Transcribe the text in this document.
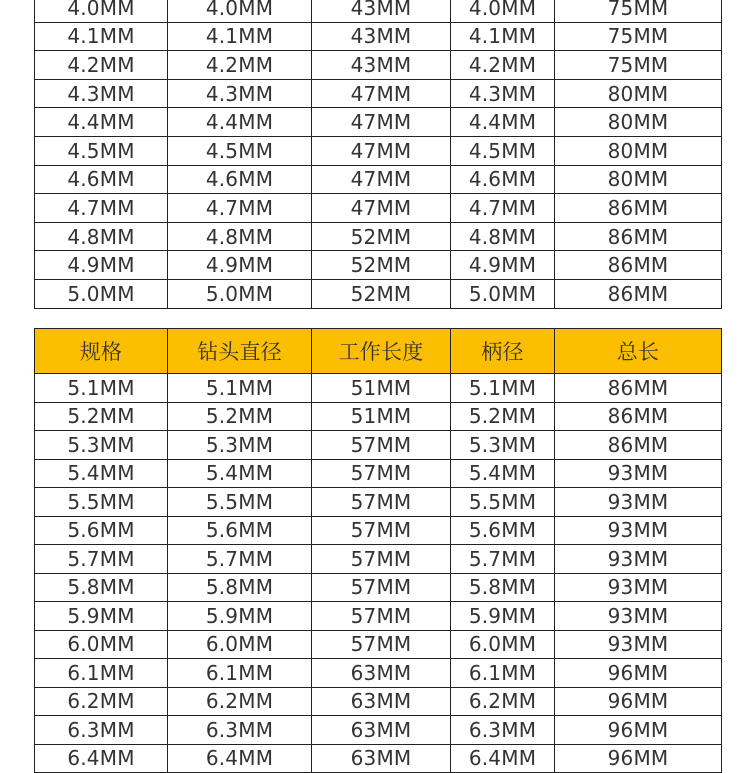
4.0MM	4.0MM	43MM	4.0MM	75MM
4.1MM	4.1MM	43MM	4.1MM	75MM
4.2MM	4.2MM	43MM	4.2MM	75MM
4.3MM	4.3MM	47MM	4.3MM	80MM
4.4MM	4.4MM	47MM	4.4MM	80MM
4.5MM	4.5MM	47MM	4.5MM	80MM
4.6MM	4.6MM	47MM	4.6MM	80MM
4.7MM	4.7MM	47MM	4.7MM	86MM
4.8MM	4.8MM	52MM	4.8MM	86MM
4.9MM	4.9MM	52MM	4.9MM	86MM
5.0MM	5.0MM	52MM	5.0MM	86MM
规格	钻头直径	工作长度	柄径	总长
5.1MM	5.1MM	51MM	5.1MM	86MM
5.2MM	5.2MM	51MM	5.2MM	86MM
5.3MM	5.3MM	57MM	5.3MM	86MM
5.4MM	5.4MM	57MM	5.4MM	93MM
5.5MM	5.5MM	57MM	5.5MM	93MM
5.6MM	5.6MM	57MM	5.6MM	93MM
5.7MM	5.7MM	57MM	5.7MM	93MM
5.8MM	5.8MM	57MM	5.8MM	93MM
5.9MM	5.9MM	57MM	5.9MM	93MM
6.0MM	6.0MM	57MM	6.0MM	93MM
6.1MM	6.1MM	63MM	6.1MM	96MM
6.2MM	6.2MM	63MM	6.2MM	96MM
6.3MM	6.3MM	63MM	6.3MM	96MM
6.4MM	6.4MM	63MM	6.4MM	96MM
